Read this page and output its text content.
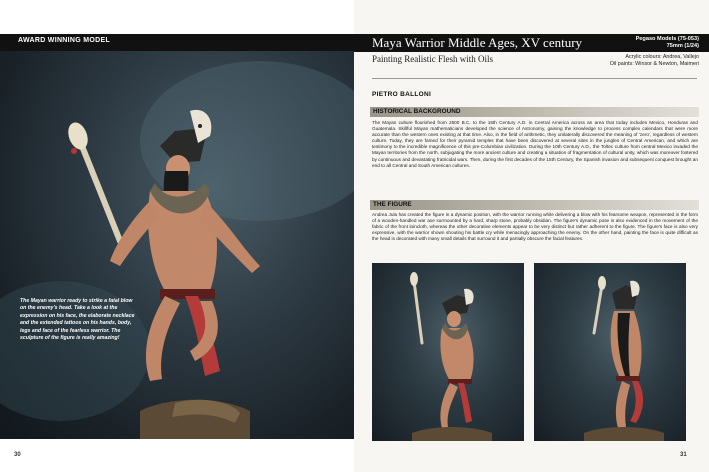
AWARD WINNING MODEL
The Mayan warrior ready to strike a fatal blow on the enemy's head. Take a look at the expression on his face, the elaborate necklace and the extended tattoos on his hands, body, legs and face of the fearless warrior. The sculpture of the figure is really amazing!
30
Maya Warrior Middle Ages, XV century	Pegaso Models (75-053)
75mm (1/24)
Painting Realistic Flesh with Oils	Acrylic colours: Andrea, Vallejo
Oil paints: Winsor & Newton, Maimeri
PIETRO BALLONI
HISTORICAL BACKGROUND
The Mayan culture flourished from 2500 B.C. to the 15th Century A.D. in Central America across an area that today includes Mexico, Honduras and Guatemala. Skillful Mayan mathematicians developed the science of Astronomy, gaining the knowledge to process complex calendars that were more accurate than the western ones existing at that time. Also, in the field of arithmetic, they unilaterally discovered the meaning of 'zero', regardless of western culture. Today, they are famed for their pyramid temples that have been discovered at several sites in the jungles of Central American, and which are testimony to the incredible magnificence of this pre-Columbian civilization. During the 10th Century A.D., the Toltec culture from central Mexico invaded the Mayan territories from the north, subjugating the more ancient culture and creating a situation of fragmentation of cultural unity, which was moreover fostered by continuous and devastating fratricidal wars. Then, during the first decades of the 15th Century, the Spanish invasion and subsequent conquest brought an end to all Central and South American cultures.
THE FIGURE
Andrea Jula has created the figure in a dynamic position, with the warrior running while delivering a blow with his fearsome weapon, represented in the form of a wooden-handled war axe surmounted by a hard, sharp stone, probably obsidian. The figure's dynamic pose is also evidenced in the movement of the fabric of the front loincloth, whereas the other decorative elements appear to be very distinct but rather adherent to the figure. The figure's face is also very expressive, with the warrior shown shouting his battle cry while menacingly approaching the enemy. On the other hand, painting the face is quite difficult as the head is decorated with many small details that surround it and partially obscure the facial features.
31
